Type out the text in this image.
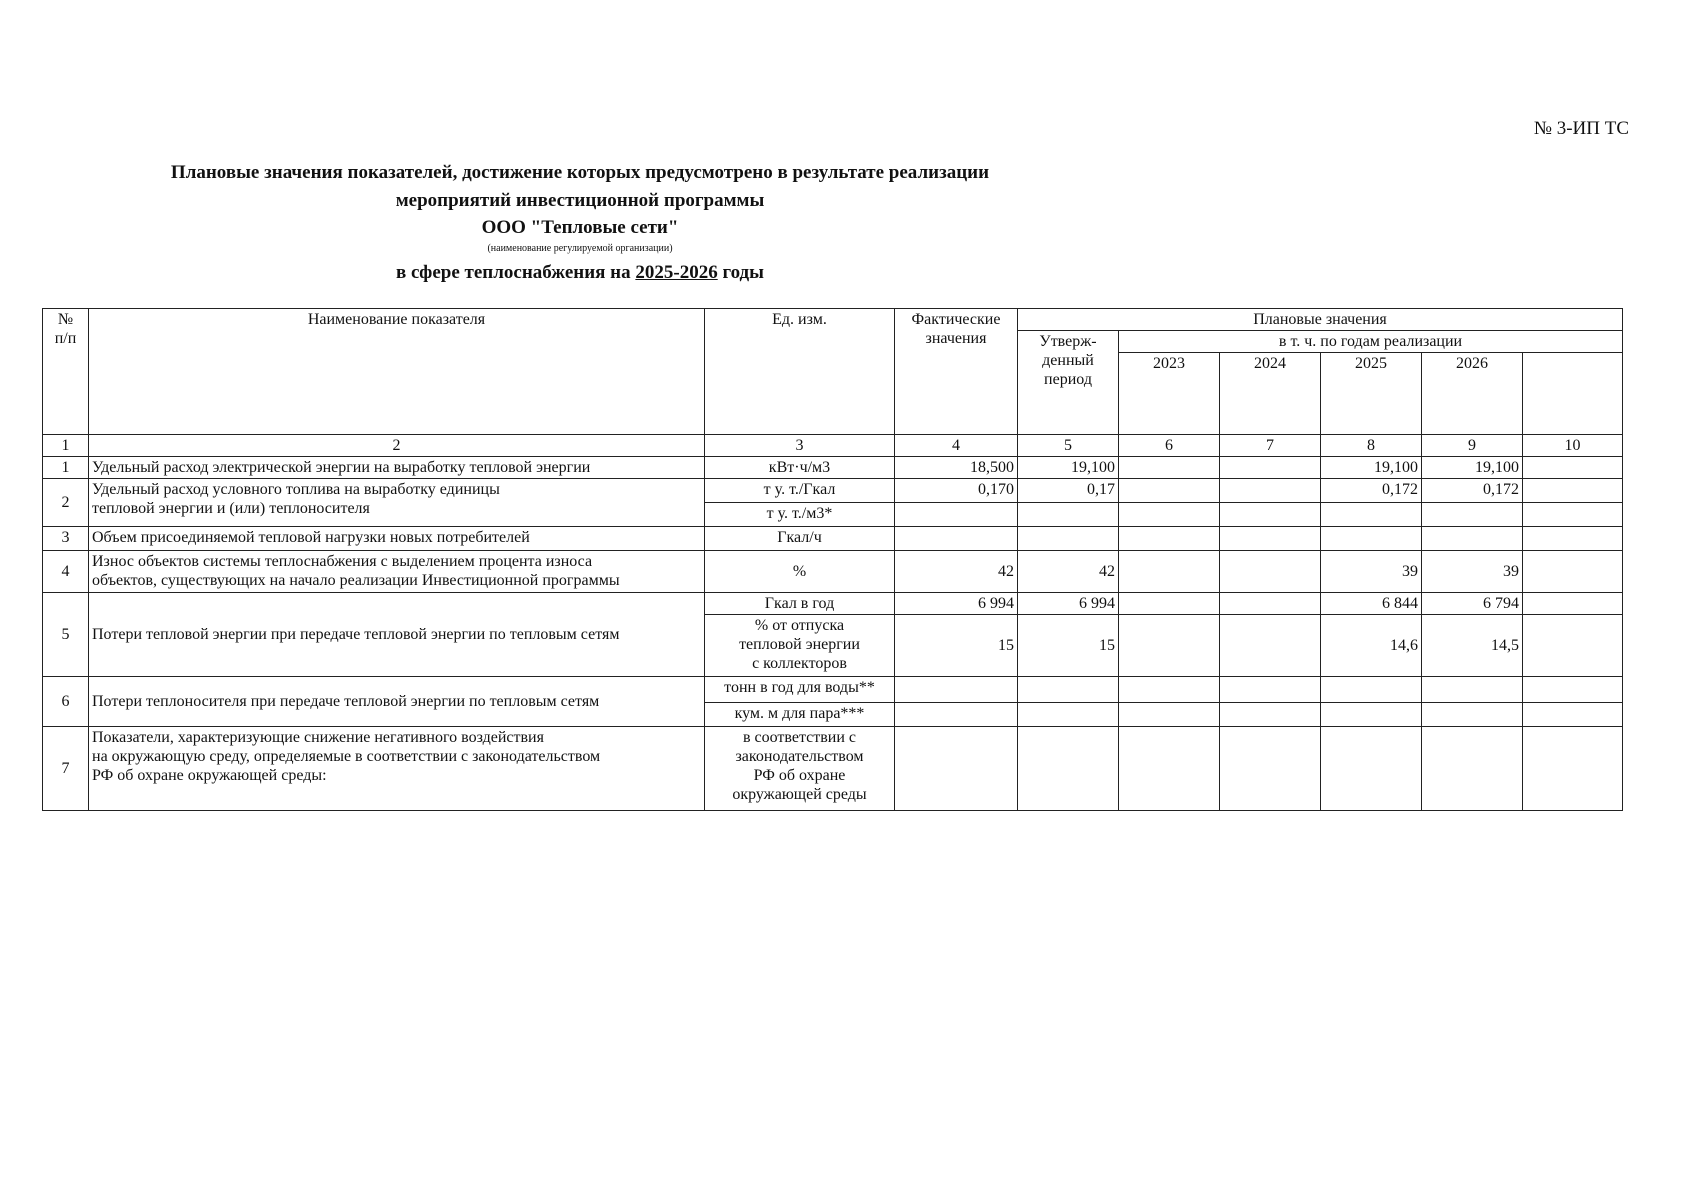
№ 3-ИП ТС
Плановые значения показателей, достижение которых предусмотрено в результате реализации
мероприятий инвестиционной программы
ООО "Тепловые сети"
(наименование регулируемой организации)
в сфере теплоснабжения на 2025-2026 годы
№
п/п	Наименование показателя	Ед. изм.	Фактические значения	Плановые значения					
				Утверж-
денный
период	в т. ч. по годам реализации				
					2023	2024	2025	2026	
1	2	3	4	5	6	7	8	9	10
1	Удельный расход электрической энергии на выработку тепловой энергии	кВт·ч/м3	18,500	19,100			19,100	19,100	
2	Удельный расход условного топлива на выработку единицы
тепловой энергии и (или) теплоносителя	т у. т./Гкал	0,170	0,17			0,172	0,172	
		т у. т./м3*							
3	Объем присоединяемой тепловой нагрузки новых потребителей	Гкал/ч							
4	Износ объектов системы теплоснабжения с выделением процента износа
объектов, существующих на начало реализации Инвестиционной программы	%	42	42			39	39	
5	Потери тепловой энергии при передаче тепловой энергии по тепловым сетям	Гкал в год	6 994	6 994			6 844	6 794	
		% от отпуска
тепловой энергии
с коллекторов	15	15			14,6	14,5	
6	Потери теплоносителя при передаче тепловой энергии по тепловым сетям	тонн в год для воды**							
		кум. м для пара***							
7	Показатели, характеризующие снижение негативного воздействия
на окружающую среду, определяемые в соответствии с законодательством
РФ об охране окружающей среды:	в соответствии с
законодательством
РФ об охране
окружающей среды							
